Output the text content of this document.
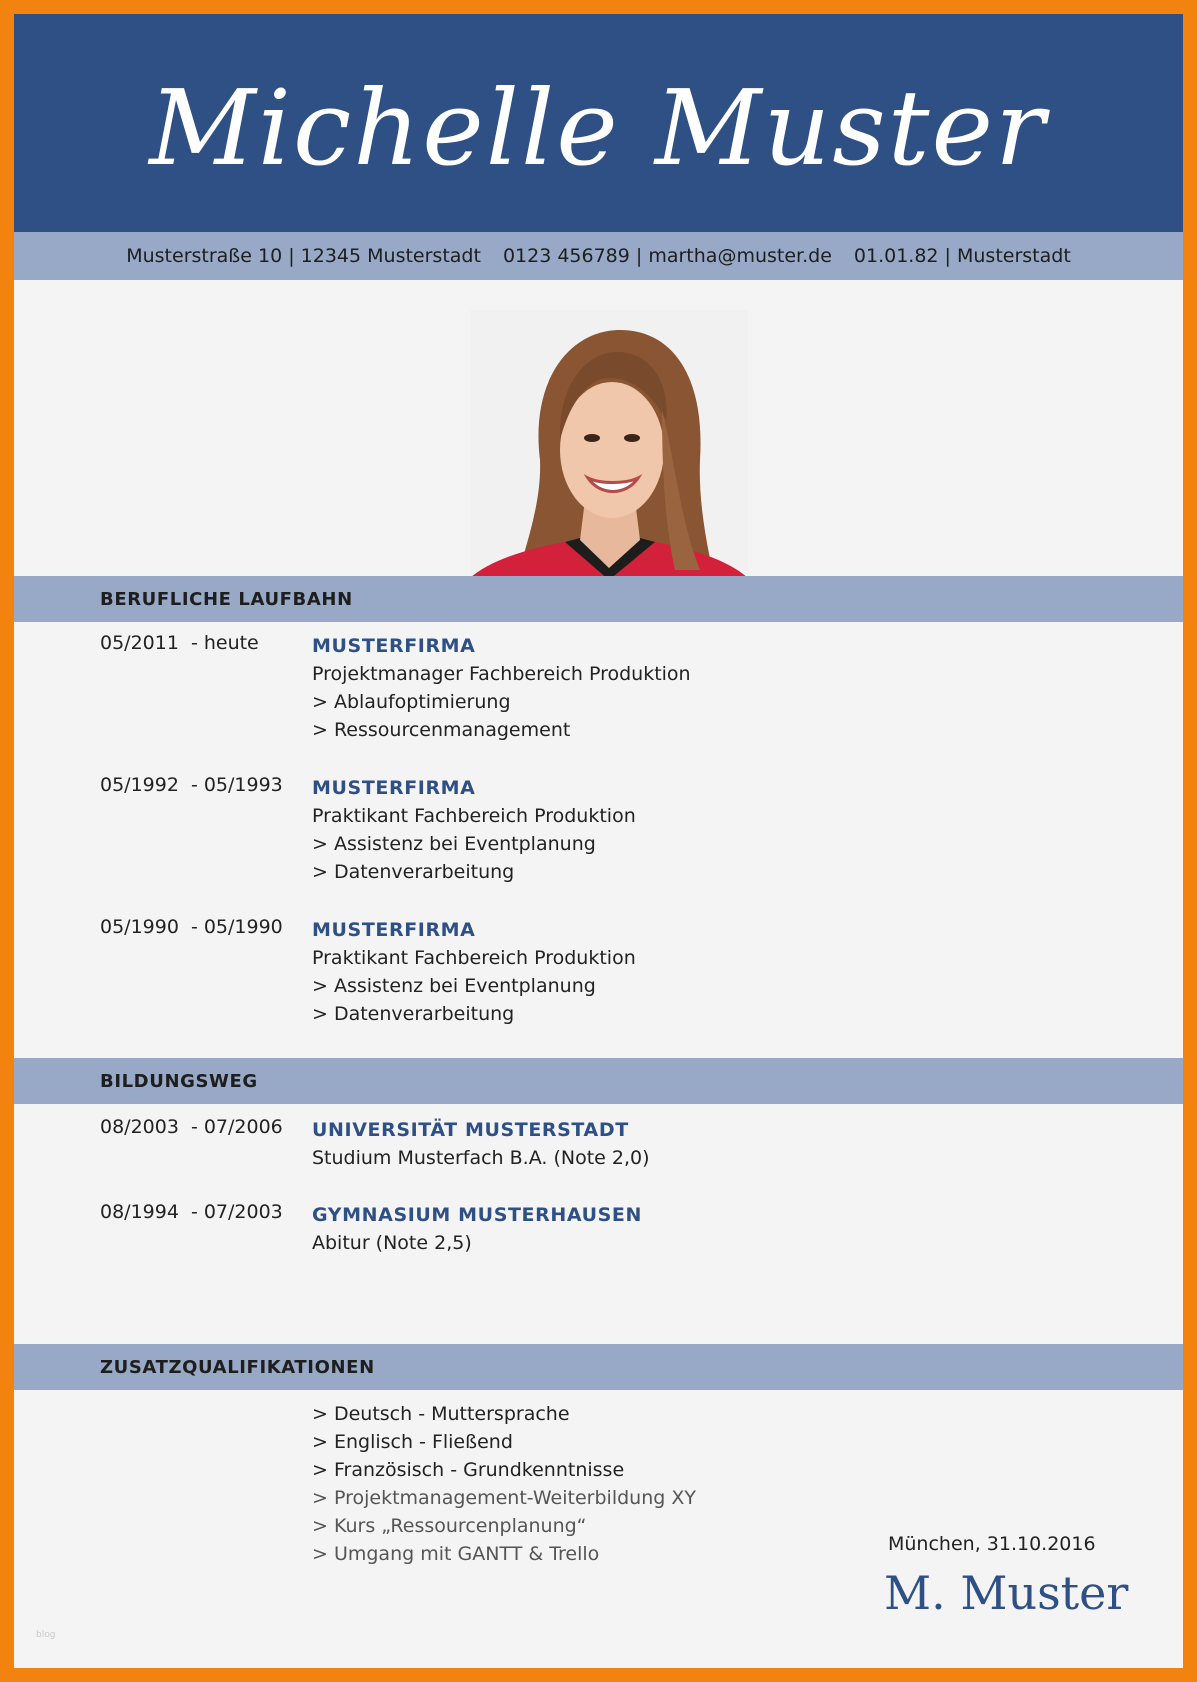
Michelle Muster
Musterstraße 10 | 12345 Musterstadt 0123 456789 | martha@muster.de 01.01.82 | Musterstadt
BERUFLICHE LAUFBAHN
05/2011 - heute	MUSTERFIRMA
Projektmanager Fachbereich Produktion
> Ablaufoptimierung
> Ressourcenmanagement
05/1992 - 05/1993 MUSTERFIRMA
Praktikant Fachbereich Produktion
> Assistenz bei Eventplanung
> Datenverarbeitung
05/1990 - 05/1990 MUSTERFIRMA
Praktikant Fachbereich Produktion
> Assistenz bei Eventplanung
> Datenverarbeitung
BILDUNGSWEG
08/2003 - 07/2006 UNIVERSITÄT MUSTERSTADT
Studium Musterfach B.A. (Note 2,0)
08/1994 - 07/2003 GYMNASIUM MUSTERHAUSEN
Abitur (Note 2,5)
ZUSATZQUALIFIKATIONEN
> Deutsch - Muttersprache
> Englisch - Fließend
> Französisch - Grundkenntnisse
> Projektmanagement-Weiterbildung XY
> Kurs „Ressourcenplanung“
> Umgang mit GANTT & Trello	München, 31.10.2016
M. Muster
blog
